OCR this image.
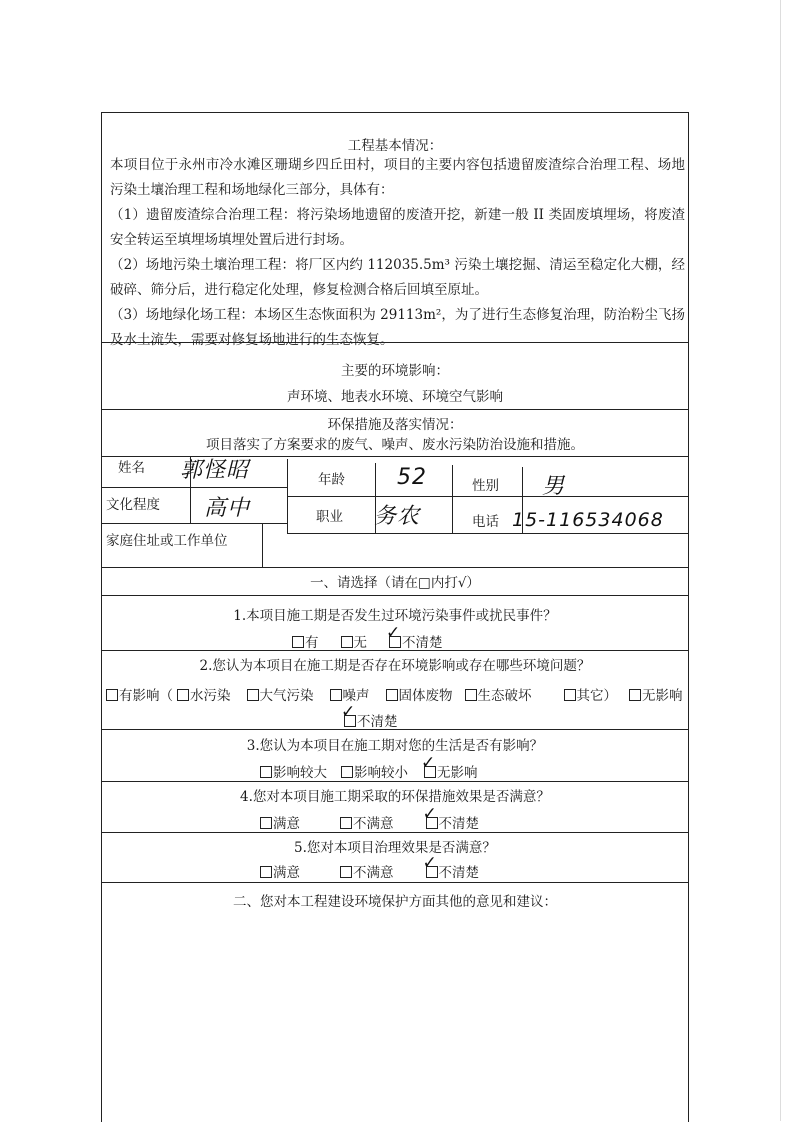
工程基本情况：

本项目位于永州市冷水滩区珊瑚乡四丘田村，项目的主要内容包括遗留废渣综合治理工程、场地污染土壤治理工程和场地绿化三部分，具体有：

（1）遗留废渣综合治理工程：将污染场地遗留的废渣开挖，新建一般 II 类固废填埋场，将废渣安全转运至填埋场填埋处置后进行封场。

（2）场地污染土壤治理工程：将厂区内约 112035.5m³ 污染土壤挖掘、清运至稳定化大棚，经破碎、筛分后，进行稳定化处理，修复检测合格后回填至原址。

（3）场地绿化场工程：本场区生态恢面积为 29113m²，为了进行生态修复治理，防治粉尘飞扬及水土流失，需要对修复场地进行的生态恢复。

主要的环境影响：
声环境、地表水环境、环境空气影响
环保措施及落实情况：
项目落实了方案要求的废气、噪声、废水污染防治设施和措施。
姓名 郭怪昭	年龄 52	性别 男
文化程度 高中	职业 务农	电话 15-116534068
家庭住址或工作单位
一、请选择（请在□内打√）
1.本项目施工期是否发生过环境污染事件或扰民事件？
有	无 ✓ 不清楚
2.您认为本项目在施工期是否存在环境影响或存在哪些环境问题？
有影响（	水污染	大气污染	噪声	固体废物	生态破坏	其它）	无影响
✓ 不清楚
3.您认为本项目在施工期对您的生活是否有影响？
影响较大	影响较小 ✓ 无影响
4.您对本项目施工期采取的环保措施效果是否满意？
满意	不满意 ✓ 不清楚
5.您对本项目治理效果是否满意？
满意	不满意 ✓ 不清楚
二、您对本工程建设环境保护方面其他的意见和建议：
